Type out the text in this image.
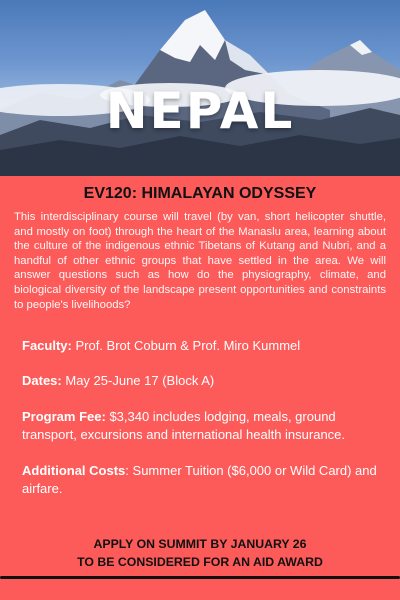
NEPAL
EV120: HIMALAYAN ODYSSEY
This interdisciplinary course will travel (by van, short helicopter shuttle, and mostly on foot) through the heart of the Manaslu area, learning about the culture of the indigenous ethnic Tibetans of Kutang and Nubri, and a handful of other ethnic groups that have settled in the area. We will answer questions such as how do the physiography, climate, and biological diversity of the landscape present opportunities and constraints to people's livelihoods?
Faculty: Prof. Brot Coburn & Prof. Miro Kummel
Dates: May 25-June 17 (Block A)
Program Fee: $3,340 includes lodging, meals, ground transport, excursions and international health insurance.
Additional Costs: Summer Tuition ($6,000 or Wild Card) and airfare.
APPLY ON SUMMIT BY JANUARY 26
TO BE CONSIDERED FOR AN AID AWARD
